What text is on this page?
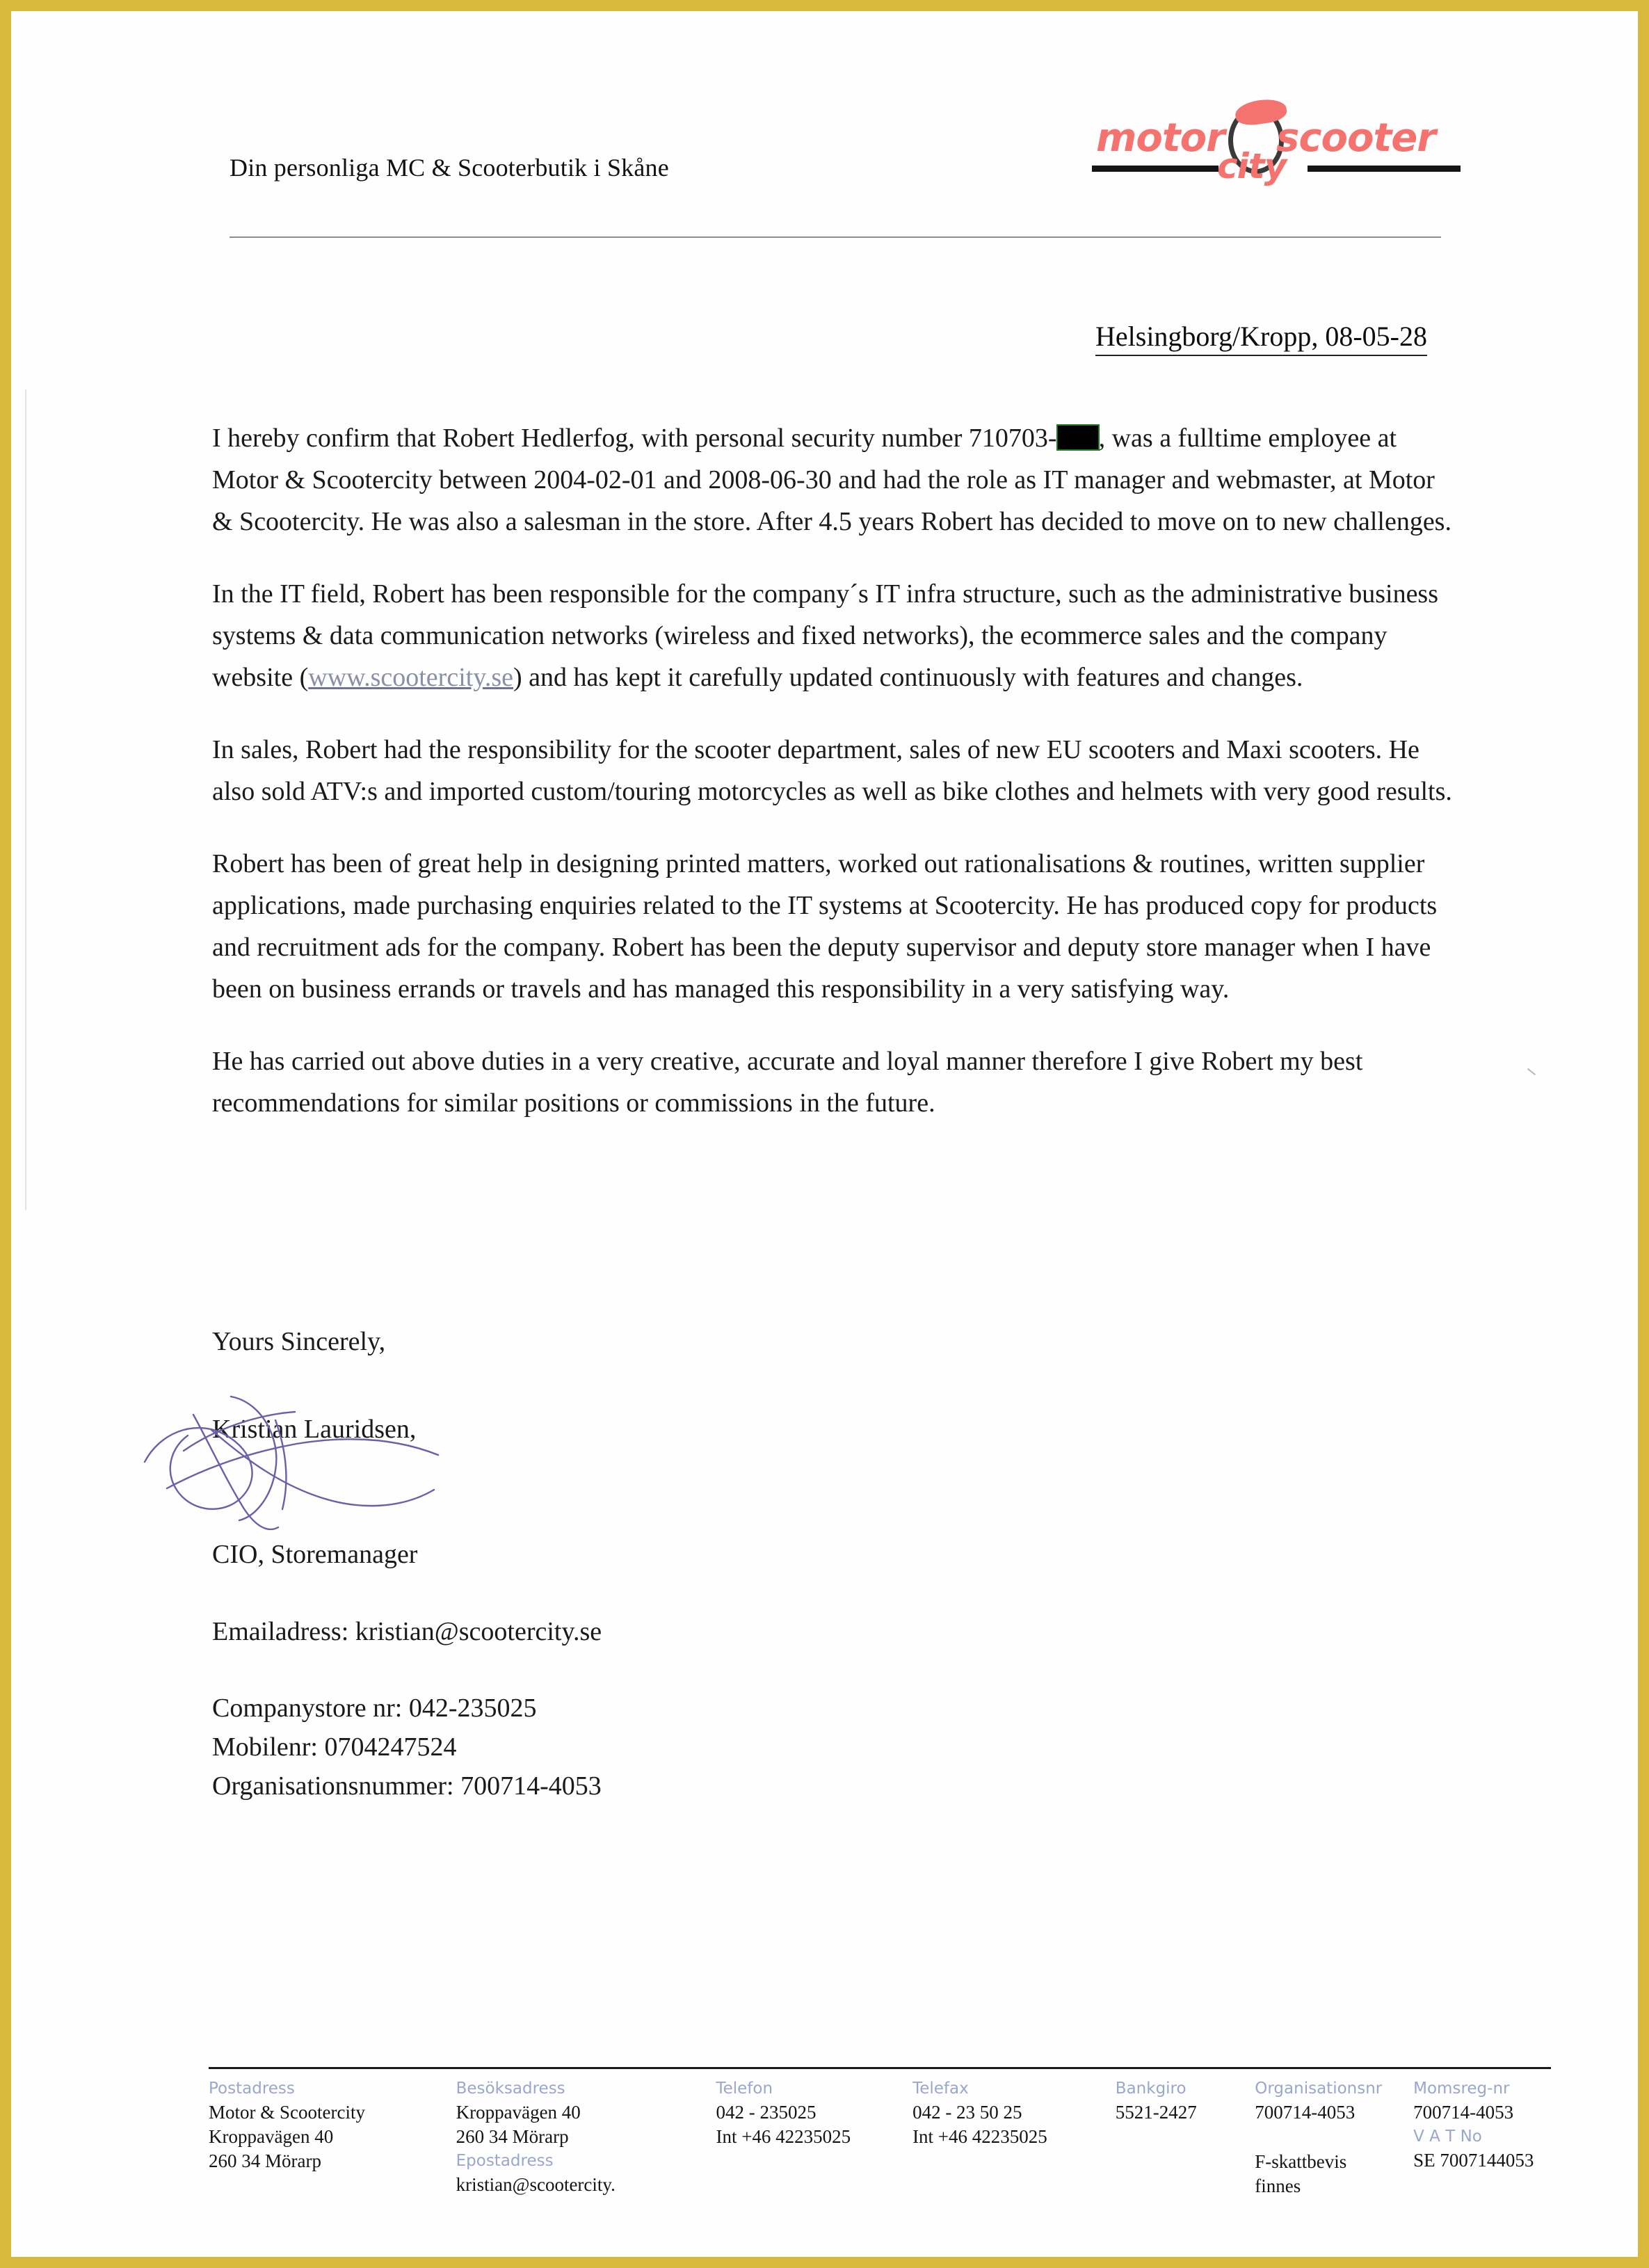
Din personliga MC & Scooterbutik i Skåne
motor scooter
city
Helsingborg/Kropp, 08-05-28

I hereby confirm that Robert Hedlerfog, with personal security number 710703- , was a fulltime employee at Motor & Scootercity between 2004-02-01 and 2008-06-30 and had the role as IT manager and webmaster, at Motor & Scootercity. He was also a salesman in the store. After 4.5 years Robert has decided to move on to new challenges.

In the IT field, Robert has been responsible for the company´s IT infra structure, such as the administrative business systems & data communication networks (wireless and fixed networks), the ecommerce sales and the company website (www.scootercity.se) and has kept it carefully updated continuously with features and changes.

In sales, Robert had the responsibility for the scooter department, sales of new EU scooters and Maxi scooters. He also sold ATV:s and imported custom/touring motorcycles as well as bike clothes and helmets with very good results.

Robert has been of great help in designing printed matters, worked out rationalisations & routines, written supplier applications, made purchasing enquiries related to the IT systems at Scootercity. He has produced copy for products and recruitment ads for the company. Robert has been the deputy supervisor and deputy store manager when I have been on business errands or travels and has managed this responsibility in a very satisfying way.

He has carried out above duties in a very creative, accurate and loyal manner therefore I give Robert my best recommendations for similar positions or commissions in the future.

Yours Sincerely,
Kristian Lauridsen,
CIO, Storemanager
Emailadress: kristian@scootercity.se
Companystore nr: 042-235025
Mobilenr: 0704247524
Organisationsnummer: 700714-4053
Postadress
Motor & Scootercity
Kroppavägen 40
260 34 Mörarp
Besöksadress
Kroppavägen 40
260 34 Mörarp
Epostadress
kristian@scootercity.
Telefon
042 - 235025
Int +46 42235025
Telefax
042 - 23 50 25
Int +46 42235025
Bankgiro
5521-2427
Organisationsnr
700714-4053
F-skattbevis
finnes
Momsreg-nr
700714-4053
V A T No
SE 7007144053
